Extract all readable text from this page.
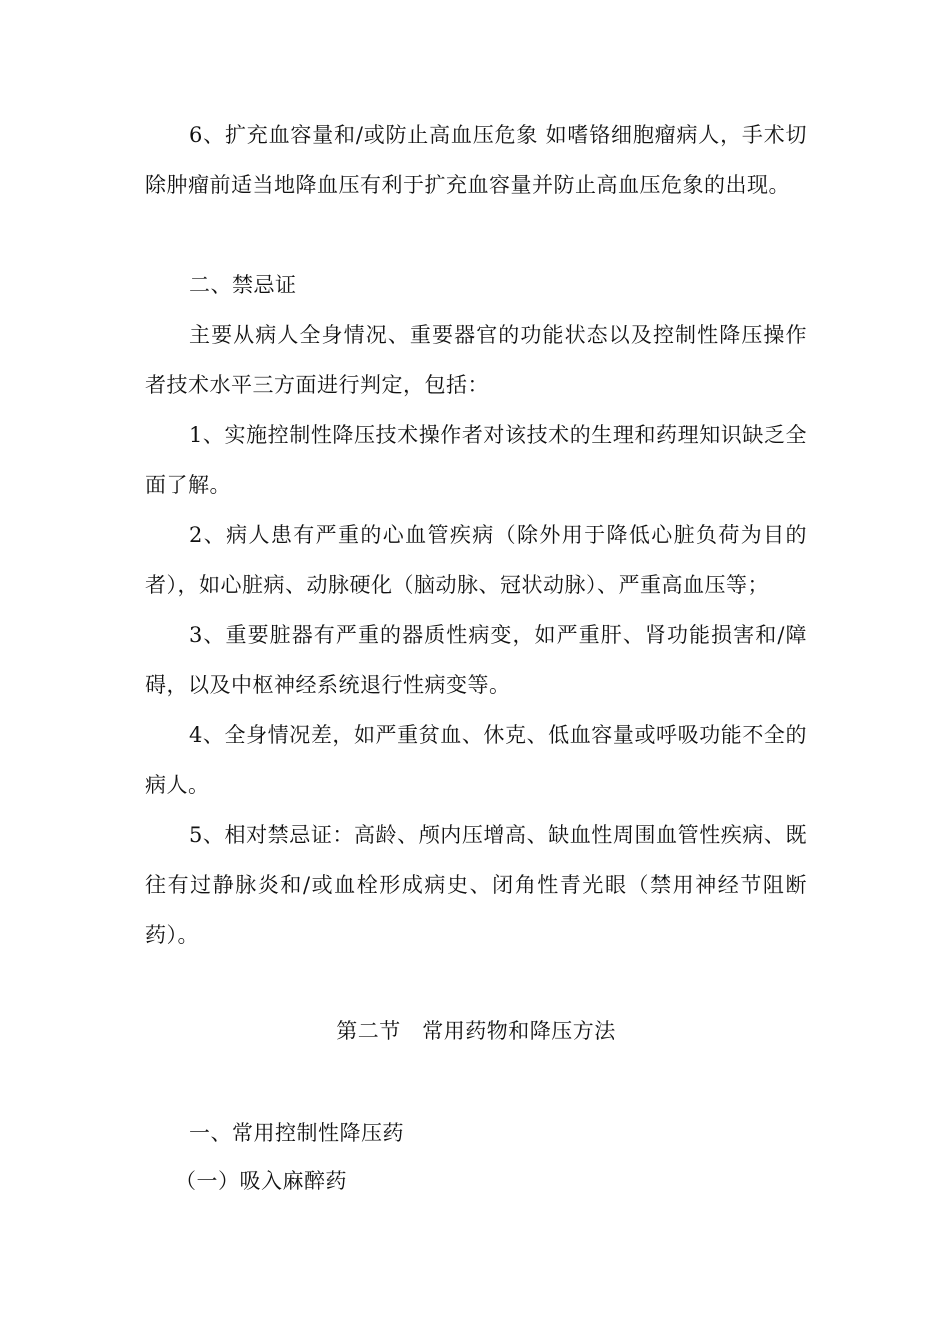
6、扩充血容量和/或防止高血压危象 如嗜铬细胞瘤病人，手术切除肿瘤前适当地降血压有利于扩充血容量并防止高血压危象的出现。

二、禁忌证

主要从病人全身情况、重要器官的功能状态以及控制性降压操作者技术水平三方面进行判定，包括：

1、实施控制性降压技术操作者对该技术的生理和药理知识缺乏全面了解。

2、病人患有严重的心血管疾病（除外用于降低心脏负荷为目的者），如心脏病、动脉硬化（脑动脉、冠状动脉）、严重高血压等；

3、重要脏器有严重的器质性病变，如严重肝、肾功能损害和/障碍，以及中枢神经系统退行性病变等。

4、全身情况差，如严重贫血、休克、低血容量或呼吸功能不全的病人。

5、相对禁忌证：高龄、颅内压增高、缺血性周围血管性疾病、既往有过静脉炎和/或血栓形成病史、闭角性青光眼（禁用神经节阻断药）。

第二节　常用药物和降压方法

一、常用控制性降压药

（一）吸入麻醉药
